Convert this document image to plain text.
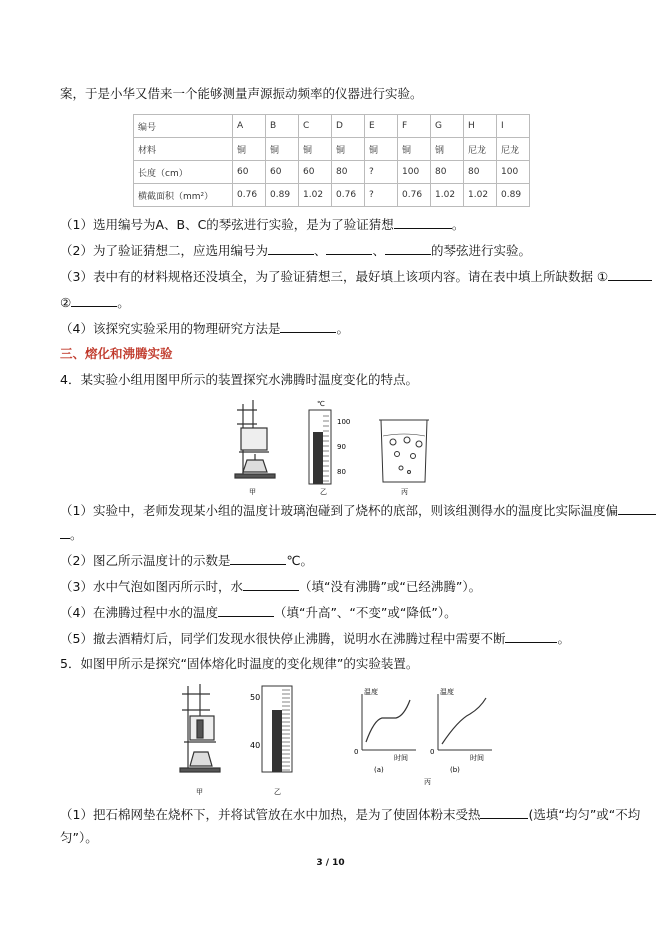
案，于是小华又借来一个能够测量声源振动频率的仪器进行实验。
编号	A	B	C	D	E	F	G	H	I
材料	铜	铜	铜	铜	铜	铜	钢	尼龙	尼龙
长度（cm）	60	60	60	80	?	100	80	80	100
横截面积（mm²）	0.76	0.89	1.02	0.76	?	0.76	1.02	1.02	0.89
（1）选用编号为A、B、C的琴弦进行实验，是为了验证猜想	。
（2）为了验证猜想二，应选用编号为	、	、	的琴弦进行实验。
（3）表中有的材料规格还没填全，为了验证猜想三，最好填上该项内容。请在表中填上所缺数据 ①
②	。
（4）该探究实验采用的物理研究方法是	。
三、熔化和沸腾实验
4．某实验小组用图甲所示的装置探究水沸腾时温度变化的特点。
甲
℃
100
90
80
乙	丙
（1）实验中，老师发现某小组的温度计玻璃泡碰到了烧杯的底部，则该组测得水的温度比实际温度偏
。
（2）图乙所示温度计的示数是	℃。
（3）水中气泡如图丙所示时，水	（填“没有沸腾”或“已经沸腾”）。
（4）在沸腾过程中水的温度	（填“升高”、“不变”或“降低”）。
（5）撤去酒精灯后，同学们发现水很快停止沸腾，说明水在沸腾过程中需要不断	。
5．如图甲所示是探究“固体熔化时温度的变化规律”的实验装置。
甲
50
40
乙
温度
0
时间
(a)
温度
0
时间
(b)
丙
（1）把石棉网垫在烧杯下，并将试管放在水中加热，是为了使固体粉末受热	(选填“均匀”或“不均
匀”）。
3 / 10
